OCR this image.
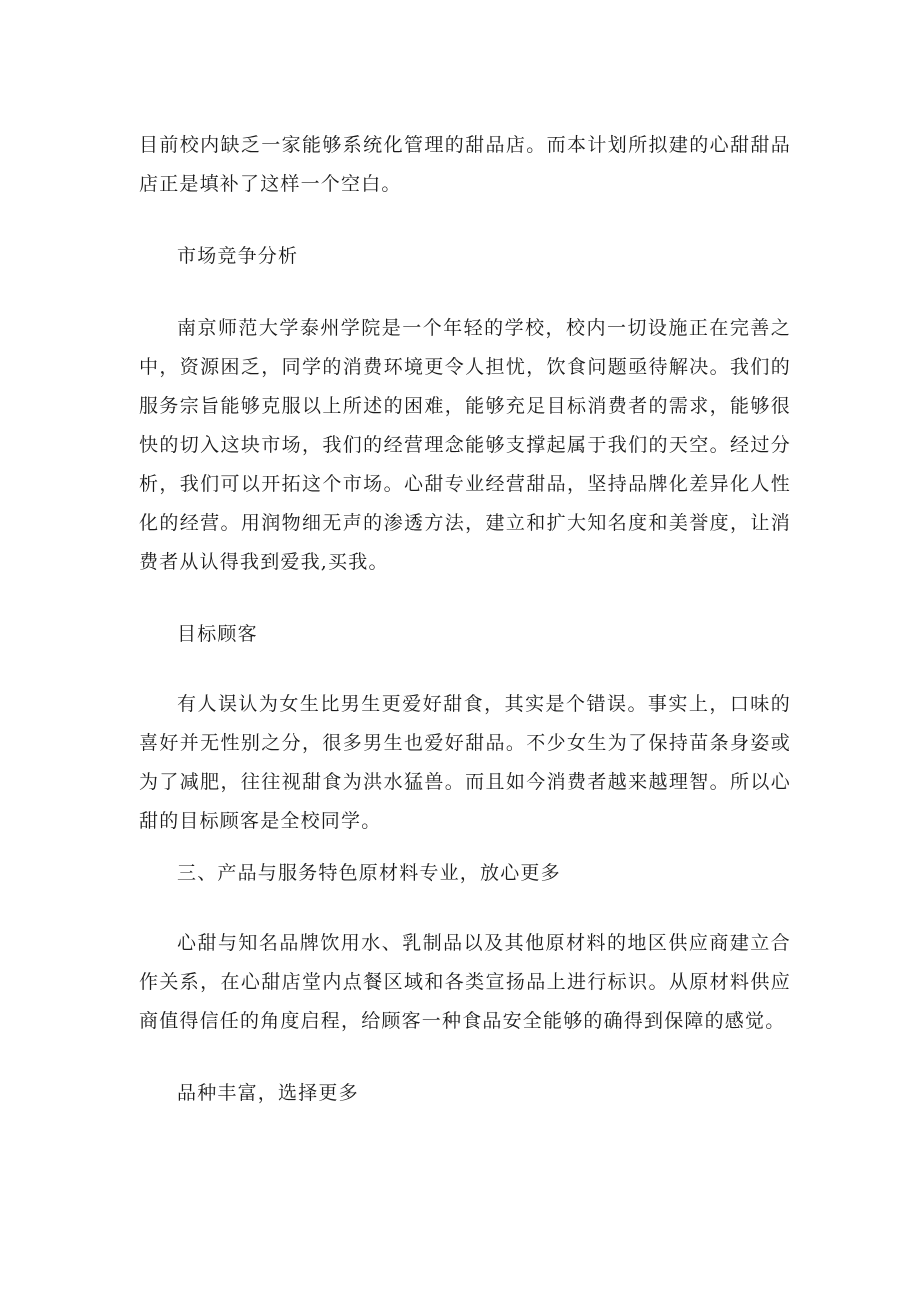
目前校内缺乏一家能够系统化管理的甜品店。而本计划所拟建的心甜甜品店正是填补了这样一个空白。

市场竞争分析

南京师范大学泰州学院是一个年轻的学校，校内一切设施正在完善之中，资源困乏，同学的消费环境更令人担忧，饮食问题亟待解决。我们的服务宗旨能够克服以上所述的困难，能够充足目标消费者的需求，能够很快的切入这块市场，我们的经营理念能够支撑起属于我们的天空。经过分析，我们可以开拓这个市场。心甜专业经营甜品，坚持品牌化差异化人性化的经营。用润物细无声的渗透方法，建立和扩大知名度和美誉度，让消费者从认得我到爱我,买我。

目标顾客

有人误认为女生比男生更爱好甜食，其实是个错误。事实上，口味的喜好并无性别之分，很多男生也爱好甜品。不少女生为了保持苗条身姿或为了减肥，往往视甜食为洪水猛兽。而且如今消费者越来越理智。所以心甜的目标顾客是全校同学。

三、产品与服务特色原材料专业，放心更多

心甜与知名品牌饮用水、乳制品以及其他原材料的地区供应商建立合作关系，在心甜店堂内点餐区域和各类宣扬品上进行标识。从原材料供应商值得信任的角度启程，给顾客一种食品安全能够的确得到保障的感觉。

品种丰富，选择更多
